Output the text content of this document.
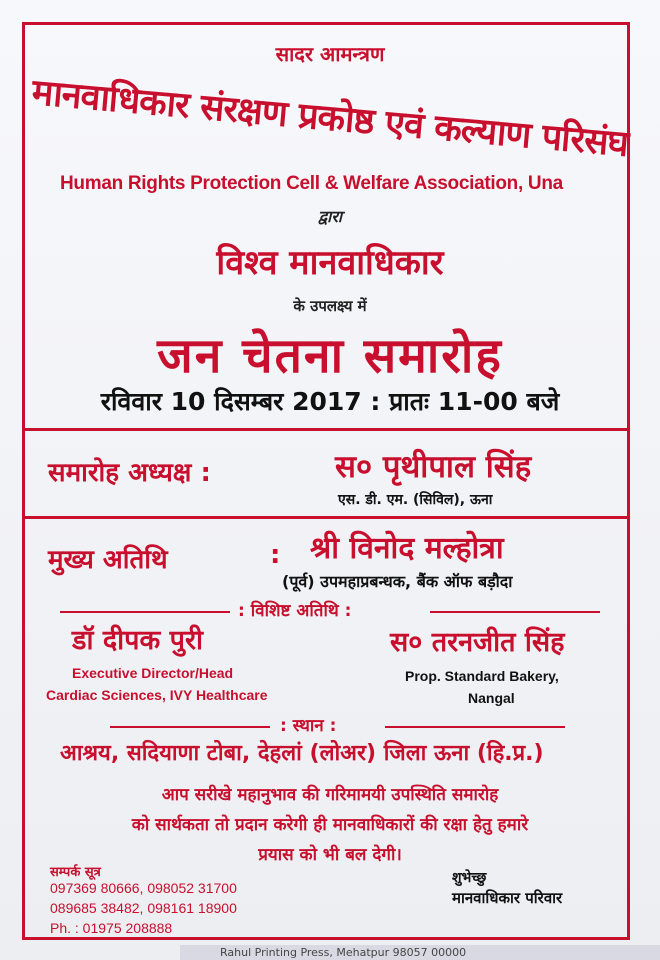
सादर आमन्त्रण
मानवाधिकार संरक्षण प्रकोष्ठ एवं कल्याण परिसंघ
Human Rights Protection Cell & Welfare Association, Una
द्वारा
विश्व मानवाधिकार
के उपलक्ष्य में
जन चेतना समारोह
रविवार 10 दिसम्बर 2017 : प्रातः 11-00 बजे
समारोह अध्यक्ष :	स० पृथीपाल सिंह
एस. डी. एम. (सिविल), ऊना
मुख्य अतिथि	: श्री विनोद मल्होत्रा
(पूर्व) उपमहाप्रबन्धक, बैंक ऑफ बड़ौदा
: विशिष्ट अतिथि :
डॉ दीपक पुरी
Executive Director/Head
Cardiac Sciences, IVY Healthcare
स० तरनजीत सिंह
Prop. Standard Bakery,
Nangal
: स्थान :
आश्रय, सदियाणा टोबा, देहलां (लोअर) जिला ऊना (हि.प्र.)
आप सरीखे महानुभाव की गरिमामयी उपस्थिति समारोह
को सार्थकता तो प्रदान करेगी ही मानवाधिकारों की रक्षा हेतु हमारे
प्रयास को भी बल देगी।
सम्पर्क सूत्र
097369 80666, 098052 31700
089685 38482, 098161 18900
Ph. : 01975 208888
शुभेच्छु
मानवाधिकार परिवार
Rahul Printing Press, Mehatpur 98057 00000
